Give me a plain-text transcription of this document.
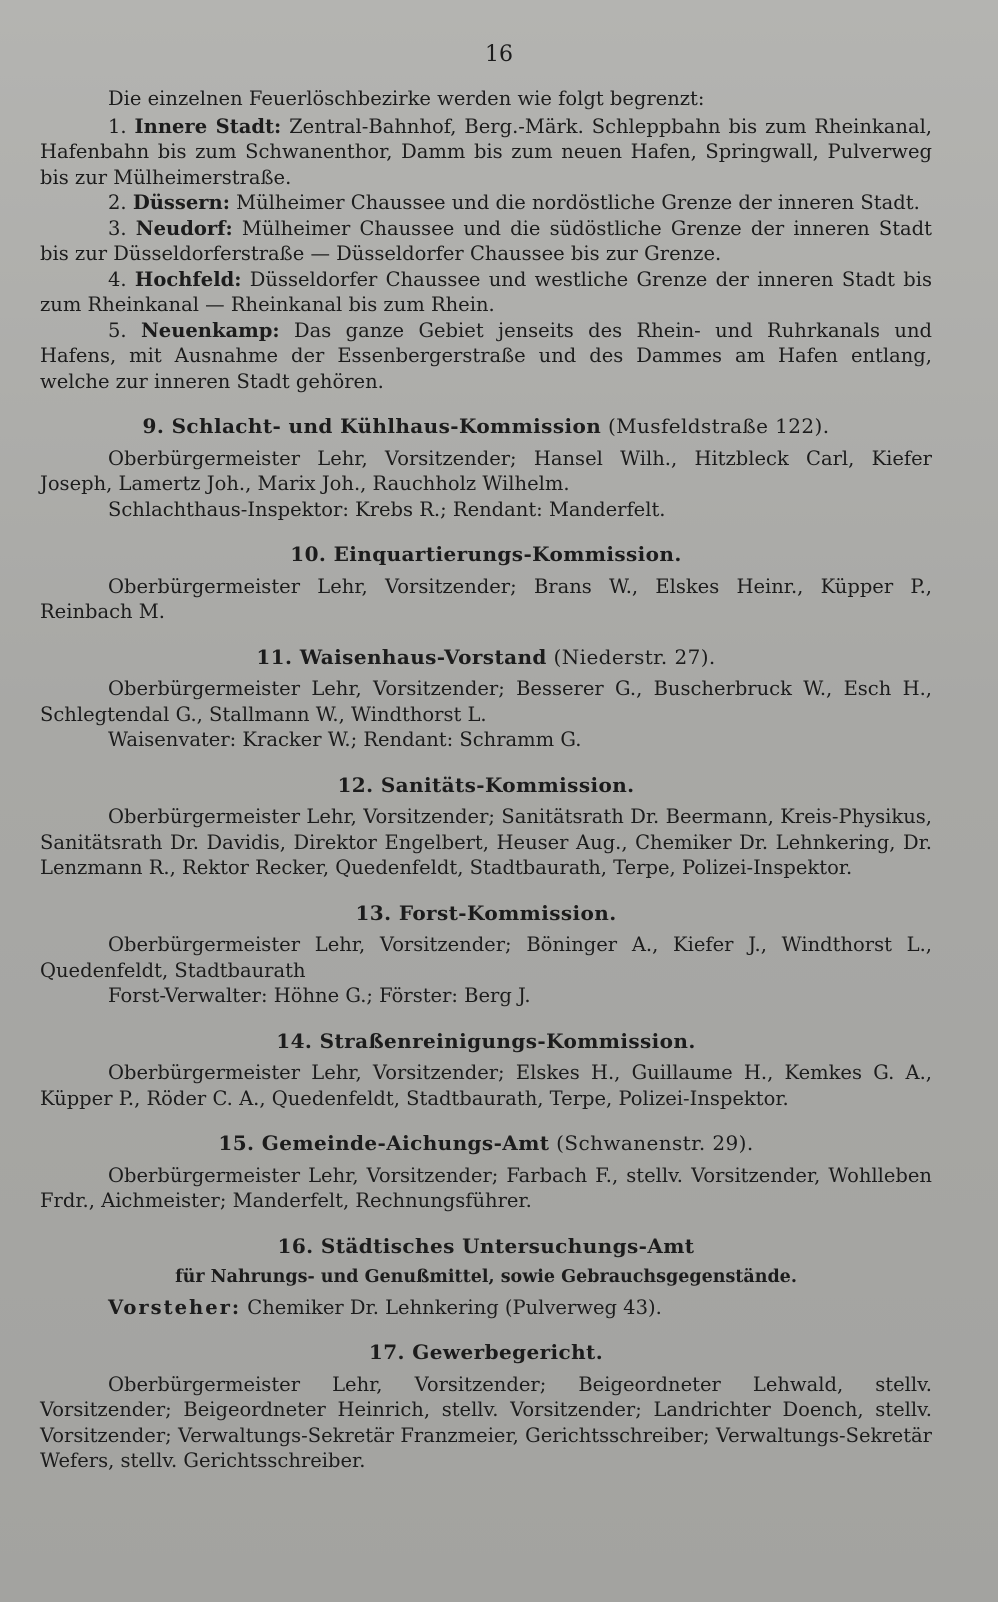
16

Die einzelnen Feuerlöschbezirke werden wie folgt begrenzt:

1. Innere Stadt: Zentral-Bahnhof, Berg.-Märk. Schleppbahn bis zum Rheinkanal, Hafenbahn bis zum Schwanenthor, Damm bis zum neuen Hafen, Springwall, Pulverweg bis zur Mülheimerstraße.

2. Düssern: Mülheimer Chaussee und die nordöstliche Grenze der inneren Stadt.

3. Neudorf: Mülheimer Chaussee und die südöstliche Grenze der inneren Stadt bis zur Düsseldorferstraße — Düsseldorfer Chaussee bis zur Grenze.

4. Hochfeld: Düsseldorfer Chaussee und westliche Grenze der inneren Stadt bis zum Rheinkanal — Rheinkanal bis zum Rhein.

5. Neuenkamp: Das ganze Gebiet jenseits des Rhein- und Ruhrkanals und Hafens, mit Ausnahme der Essenbergerstraße und des Dammes am Hafen entlang, welche zur inneren Stadt gehören.

9. Schlacht- und Kühlhaus-Kommission (Musfeldstraße 122).

Oberbürgermeister Lehr, Vorsitzender; Hansel Wilh., Hitzbleck Carl, Kiefer Joseph, Lamertz Joh., Marix Joh., Rauchholz Wilhelm.

Schlachthaus-Inspektor: Krebs R.; Rendant: Manderfelt.

10. Einquartierungs-Kommission.

Oberbürgermeister Lehr, Vorsitzender; Brans W., Elskes Heinr., Küpper P., Reinbach M.

11. Waisenhaus-Vorstand (Niederstr. 27).

Oberbürgermeister Lehr, Vorsitzender; Besserer G., Buscherbruck W., Esch H., Schlegtendal G., Stallmann W., Windthorst L.

Waisenvater: Kracker W.; Rendant: Schramm G.

12. Sanitäts-Kommission.

Oberbürgermeister Lehr, Vorsitzender; Sanitätsrath Dr. Beermann, Kreis-Physikus, Sanitätsrath Dr. Davidis, Direktor Engelbert, Heuser Aug., Chemiker Dr. Lehnkering, Dr. Lenzmann R., Rektor Recker, Quedenfeldt, Stadtbaurath, Terpe, Polizei-Inspektor.

13. Forst-Kommission.

Oberbürgermeister Lehr, Vorsitzender; Böninger A., Kiefer J., Windthorst L., Quedenfeldt, Stadtbaurath

Forst-Verwalter: Höhne G.; Förster: Berg J.

14. Straßenreinigungs-Kommission.

Oberbürgermeister Lehr, Vorsitzender; Elskes H., Guillaume H., Kemkes G. A., Küpper P., Röder C. A., Quedenfeldt, Stadtbaurath, Terpe, Polizei-Inspektor.

15. Gemeinde-Aichungs-Amt (Schwanenstr. 29).

Oberbürgermeister Lehr, Vorsitzender; Farbach F., stellv. Vorsitzender, Wohlleben Frdr., Aichmeister; Manderfelt, Rechnungsführer.

16. Städtisches Untersuchungs-Amt
für Nahrungs- und Genußmittel, sowie Gebrauchsgegenstände.

Vorsteher: Chemiker Dr. Lehnkering (Pulverweg 43).

17. Gewerbegericht.

Oberbürgermeister Lehr, Vorsitzender; Beigeordneter Lehwald, stellv. Vorsitzender; Beigeordneter Heinrich, stellv. Vorsitzender; Landrichter Doench, stellv. Vorsitzender; Verwaltungs-Sekretär Franzmeier, Gerichtsschreiber; Verwaltungs-Sekretär Wefers, stellv. Gerichtsschreiber.
